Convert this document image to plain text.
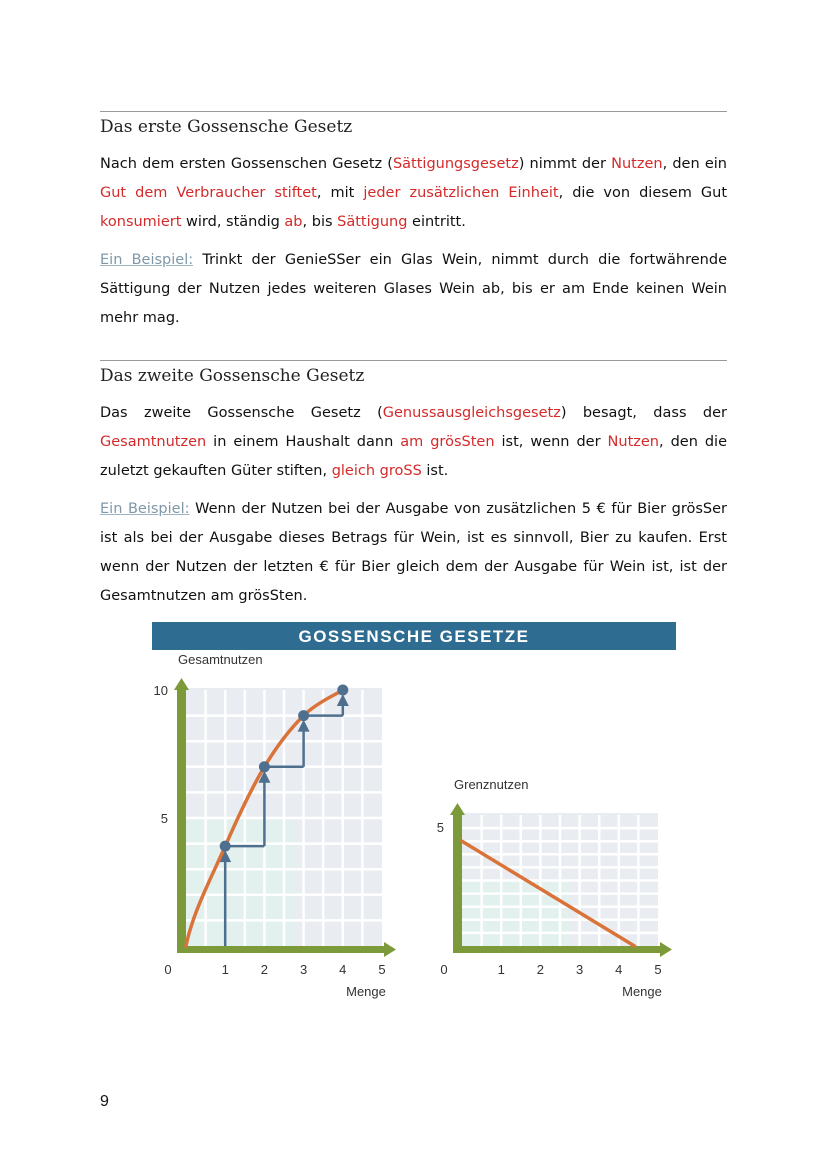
Das erste Gossensche Gesetz
Nach dem ersten Gossenschen Gesetz (Sättigungsgesetz) nimmt der Nutzen, den ein Gut dem Verbraucher stiftet, mit jeder zusätzlichen Einheit, die von diesem Gut konsumiert wird, ständig ab, bis Sättigung eintritt.
Ein Beispiel: Trinkt der GenieSSer ein Glas Wein, nimmt durch die fortwährende Sättigung der Nutzen jedes weiteren Glases Wein ab, bis er am Ende keinen Wein mehr mag.
Das zweite Gossensche Gesetz
Das zweite Gossensche Gesetz (Genussausgleichsgesetz) besagt, dass der Gesamtnutzen in einem Haushalt dann am grösSten ist, wenn der Nutzen, den die zuletzt gekauften Güter stiften, gleich groSS ist.
Ein Beispiel: Wenn der Nutzen bei der Ausgabe von zusätzlichen 5 € für Bier grösSer ist als bei der Ausgabe dieses Betrags für Wein, ist es sinnvoll, Bier zu kaufen. Erst wenn der Nutzen der letzten € für Bier gleich dem der Ausgabe für Wein ist, ist der Gesamtnutzen am grösSten.
GOSSENSCHE GESETZE
0	1 2 3 4 5
5
10
Menge
Gesamtnutzen
0	1 2 3 4 5
5
Menge
Grenznutzen
9
